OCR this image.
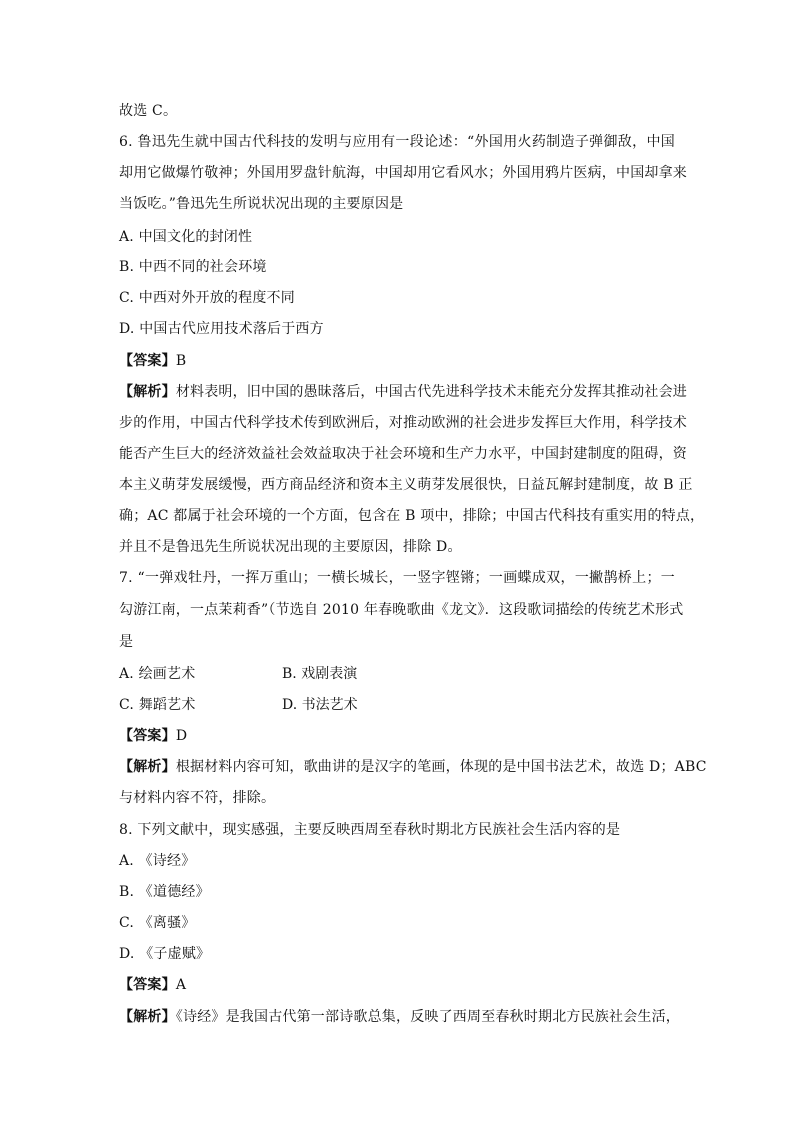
故选 C。
6. 鲁迅先生就中国古代科技的发明与应用有一段论述：“外国用火药制造子弹御敌，中国
却用它做爆竹敬神；外国用罗盘针航海，中国却用它看风水；外国用鸦片医病，中国却拿来
当饭吃。”鲁迅先生所说状况出现的主要原因是
A. 中国文化的封闭性
B. 中西不同的社会环境
C. 中西对外开放的程度不同
D. 中国古代应用技术落后于西方
【答案】B
【解析】材料表明，旧中国的愚昧落后，中国古代先进科学技术未能充分发挥其推动社会进
步的作用，中国古代科学技术传到欧洲后，对推动欧洲的社会进步发挥巨大作用，科学技术
能否产生巨大的经济效益社会效益取决于社会环境和生产力水平，中国封建制度的阻碍，资
本主义萌芽发展缓慢，西方商品经济和资本主义萌芽发展很快，日益瓦解封建制度，故 B 正
确；AC 都属于社会环境的一个方面，包含在 B 项中，排除；中国古代科技有重实用的特点，
并且不是鲁迅先生所说状况出现的主要原因，排除 D。
7. “一弹戏牡丹，一挥万重山；一横长城长，一竖字铿锵；一画蝶成双，一撇鹊桥上；一
勾游江南，一点茉莉香”（节选自 2010 年春晚歌曲《龙文》．这段歌词描绘的传统艺术形式
是
A. 绘画艺术	B. 戏剧表演
C. 舞蹈艺术	D. 书法艺术
【答案】D
【解析】根据材料内容可知，歌曲讲的是汉字的笔画，体现的是中国书法艺术，故选 D；ABC
与材料内容不符，排除。
8. 下列文献中，现实感强，主要反映西周至春秋时期北方民族社会生活内容的是
A. 《诗经》
B. 《道德经》
C. 《离骚》
D. 《子虚赋》
【答案】A
【解析】《诗经》是我国古代第一部诗歌总集，反映了西周至春秋时期北方民族社会生活，
